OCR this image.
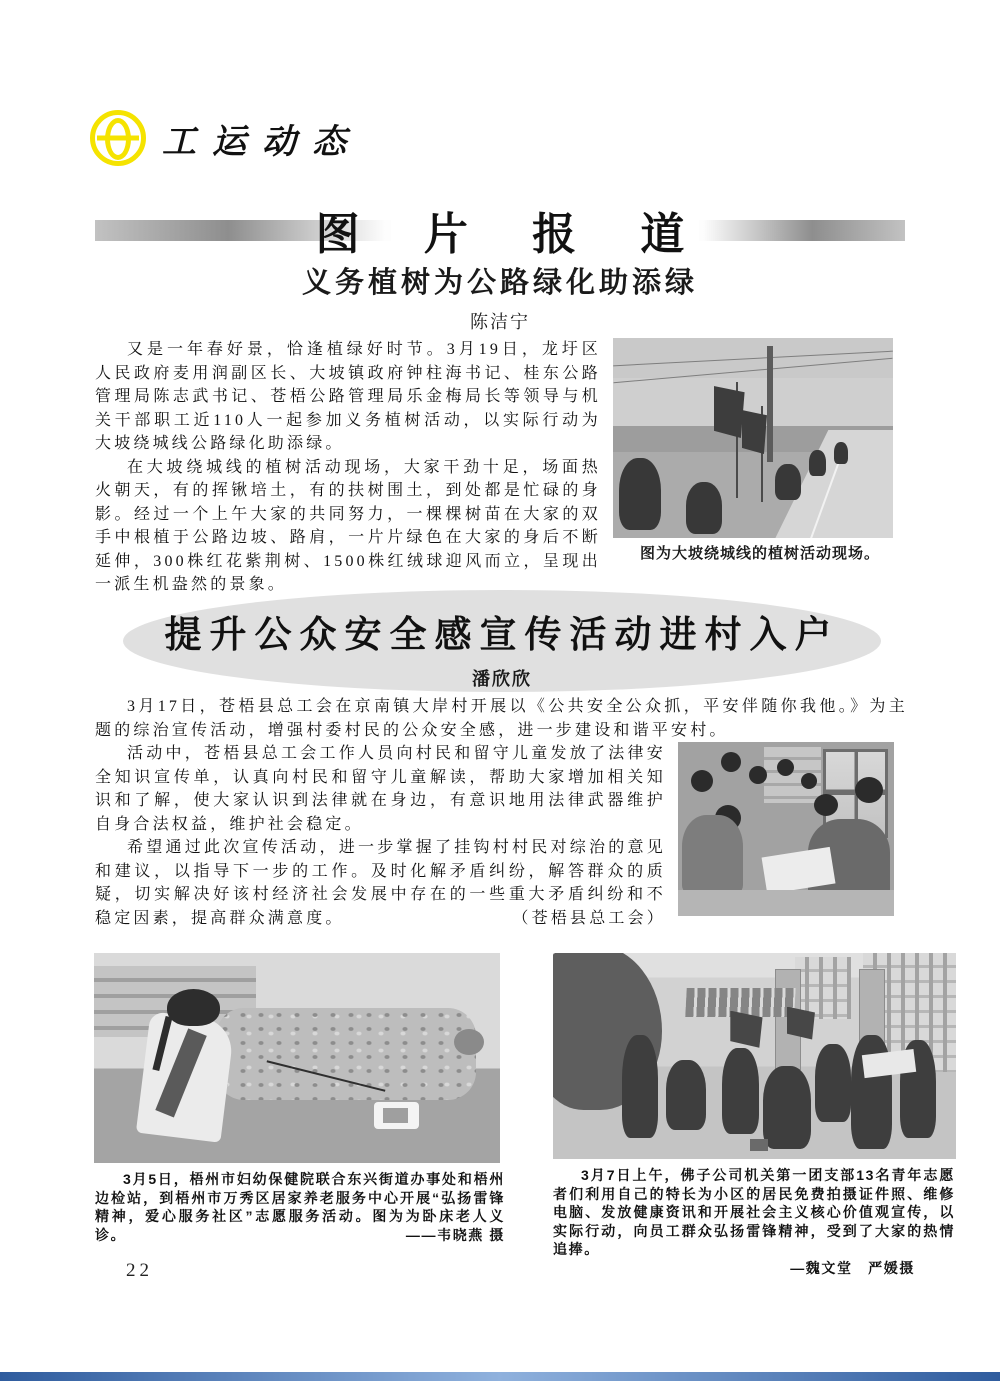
工运动态
图 片 报 道
义务植树为公路绿化助添绿
陈洁宁
图为大坡绕城线的植树活动现场。

又是一年春好景，恰逢植绿好时节。3月19日，龙圩区人民政府麦用润副区长、大坡镇政府钟柱海书记、桂东公路管理局陈志武书记、苍梧公路管理局乐金梅局长等领导与机关干部职工近110人一起参加义务植树活动，以实际行动为大坡绕城线公路绿化助添绿。

在大坡绕城线的植树活动现场，大家干劲十足，场面热火朝天，有的挥锹培土，有的扶树围土，到处都是忙碌的身影。经过一个上午大家的共同努力，一棵棵树苗在大家的双手中根植于公路边坡、路肩，一片片绿色在大家的身后不断延伸，300株红花紫荆树、1500株红绒球迎风而立，呈现出一派生机盎然的景象。

提升公众安全感宣传活动进村入户
潘欣欣

3月17日，苍梧县总工会在京南镇大岸村开展以《公共安全公众抓，平安伴随你我他。》为主题的综治宣传活动，增强村委村民的公众安全感，进一步建设和谐平安村。

活动中，苍梧县总工会工作人员向村民和留守儿童发放了法律安全知识宣传单，认真向村民和留守儿童解读，帮助大家增加相关知识和了解，使大家认识到法律就在身边，有意识地用法律武器维护自身合法权益，维护社会稳定。

希望通过此次宣传活动，进一步掌握了挂钩村村民对综治的意见和建议，以指导下一步的工作。及时化解矛盾纠纷，解答群众的质疑，切实解决好该村经济社会发展中存在的一些重大矛盾纠纷和不稳定因素，提高群众满意度。	（苍梧县总工会）

3月5日，梧州市妇幼保健院联合东兴街道办事处和梧州边检站，到梧州市万秀区居家养老服务中心开展“弘扬雷锋精神，爱心服务社区”志愿服务活动。图为为卧床老人义诊。	——韦晓燕 摄

3月7日上午，佛子公司机关第一团支部13名青年志愿者们利用自己的特长为小区的居民免费拍摄证件照、维修电脑、发放健康资讯和开展社会主义核心价值观宣传，以实际行动，向员工群众弘扬雷锋精神，受到了大家的热情追捧。

—魏文堂　严媛摄

22
